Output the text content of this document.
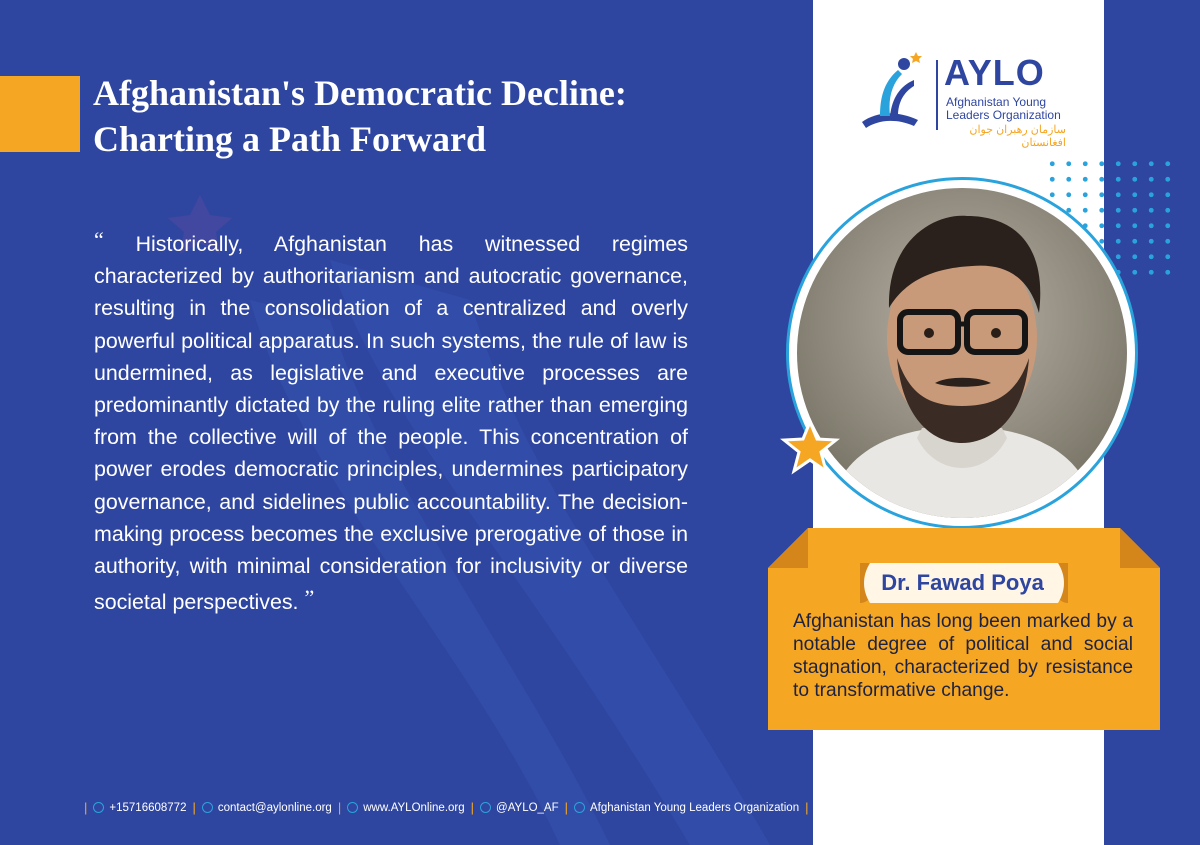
Afghanistan's Democratic Decline:
Charting a Path Forward

“ Historically, Afghanistan has witnessed regimes characterized by authoritarianism and autocratic governance, resulting in the consolidation of a centralized and overly powerful political apparatus. In such systems, the rule of law is undermined, as legislative and executive processes are predominantly dictated by the ruling elite rather than emerging from the collective will of the people. This concentration of power erodes democratic principles, undermines participatory governance, and sidelines public accountability. The decision-making process becomes the exclusive prerogative of those in authority, with minimal consideration for inclusivity or diverse societal perspectives. ”

AYLO
Afghanistan Young
Leaders Organization
سازمان رهبران جوان افغانستان
Dr. Fawad Poya

Afghanistan has long been marked by a notable degree of political and social stagnation, characterized by resistance to transformative change.

| +15716608772 | contact@aylonline.org | www.AYLOnline.org | @AYLO_AF | Afghanistan Young Leaders Organization |
